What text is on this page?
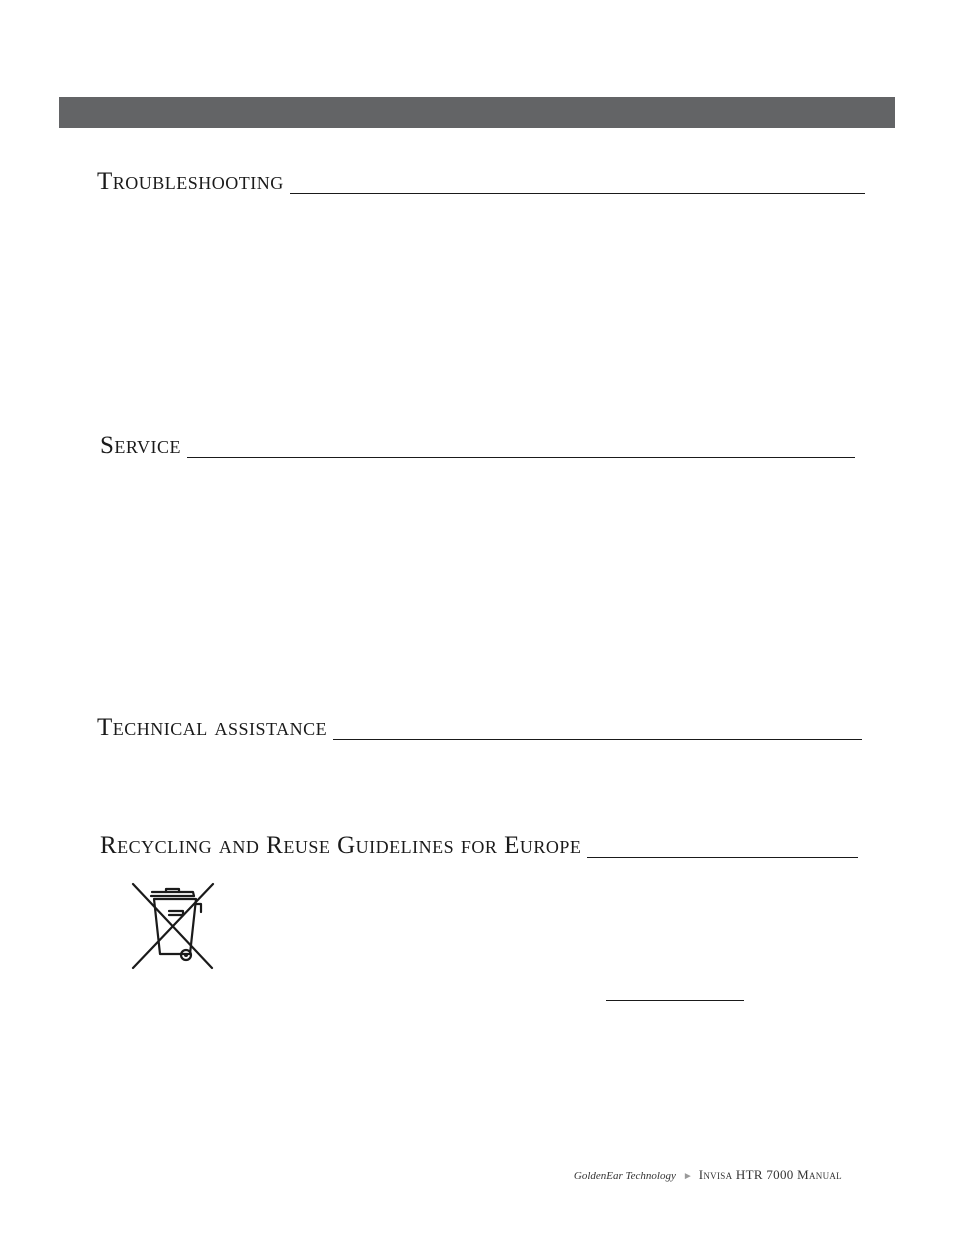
Troubleshooting
Service
Technical assistance
Recycling and Reuse Guidelines for Europe
GoldenEar Technology ► Invisa HTR 7000 Manual
